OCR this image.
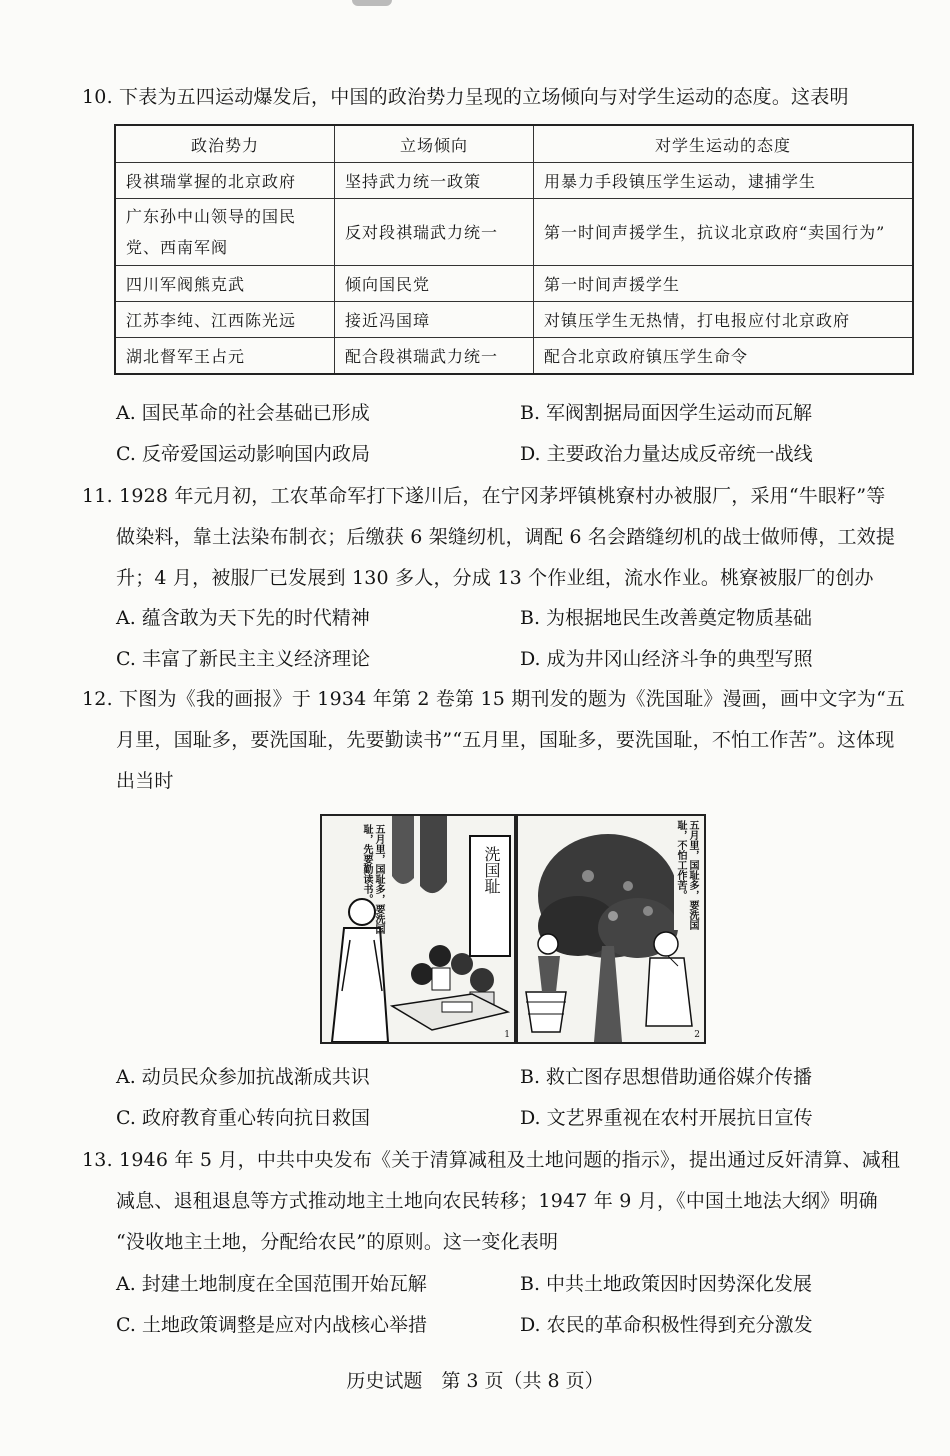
10. 下表为五四运动爆发后，中国的政治势力呈现的立场倾向与对学生运动的态度。这表明
政治势力	立场倾向	对学生运动的态度
段祺瑞掌握的北京政府	坚持武力统一政策	用暴力手段镇压学生运动，逮捕学生
广东孙中山领导的国民
党、西南军阀	反对段祺瑞武力统一	第一时间声援学生，抗议北京政府“卖国行为”
四川军阀熊克武	倾向国民党	第一时间声援学生
江苏李纯、江西陈光远	接近冯国璋	对镇压学生无热情，打电报应付北京政府
湖北督军王占元	配合段祺瑞武力统一	配合北京政府镇压学生命令
A. 国民革命的社会基础已形成	B. 军阀割据局面因学生运动而瓦解
C. 反帝爱国运动影响国内政局	D. 主要政治力量达成反帝统一战线
11. 1928 年元月初，工农革命军打下遂川后，在宁冈茅坪镇桃寮村办被服厂，采用“牛眼籽”等
做染料，靠土法染布制衣；后缴获 6 架缝纫机，调配 6 名会踏缝纫机的战士做师傅，工效提
升；4 月，被服厂已发展到 130 多人，分成 13 个作业组，流水作业。桃寮被服厂的创办
A. 蕴含敢为天下先的时代精神	B. 为根据地民生改善奠定物质基础
C. 丰富了新民主主义经济理论	D. 成为井冈山经济斗争的典型写照
12. 下图为《我的画报》于 1934 年第 2 卷第 15 期刊发的题为《洗国耻》漫画，画中文字为“五
月里，国耻多，要洗国耻，先要勤读书”“五月里，国耻多，要洗国耻，不怕工作苦”。这体现
出当时
洗国耻
五月里，国耻多，要洗国耻，先要勤读书。
1
五月里，国耻多，要洗国耻，不怕工作苦。
2
A. 动员民众参加抗战渐成共识	B. 救亡图存思想借助通俗媒介传播
C. 政府教育重心转向抗日救国	D. 文艺界重视在农村开展抗日宣传
13. 1946 年 5 月，中共中央发布《关于清算减租及土地问题的指示》，提出通过反奸清算、减租
减息、退租退息等方式推动地主土地向农民转移；1947 年 9 月，《中国土地法大纲》明确
“没收地主土地，分配给农民”的原则。这一变化表明
A. 封建土地制度在全国范围开始瓦解	B. 中共土地政策因时因势深化发展
C. 土地政策调整是应对内战核心举措	D. 农民的革命积极性得到充分激发
历史试题　第 3 页（共 8 页）
